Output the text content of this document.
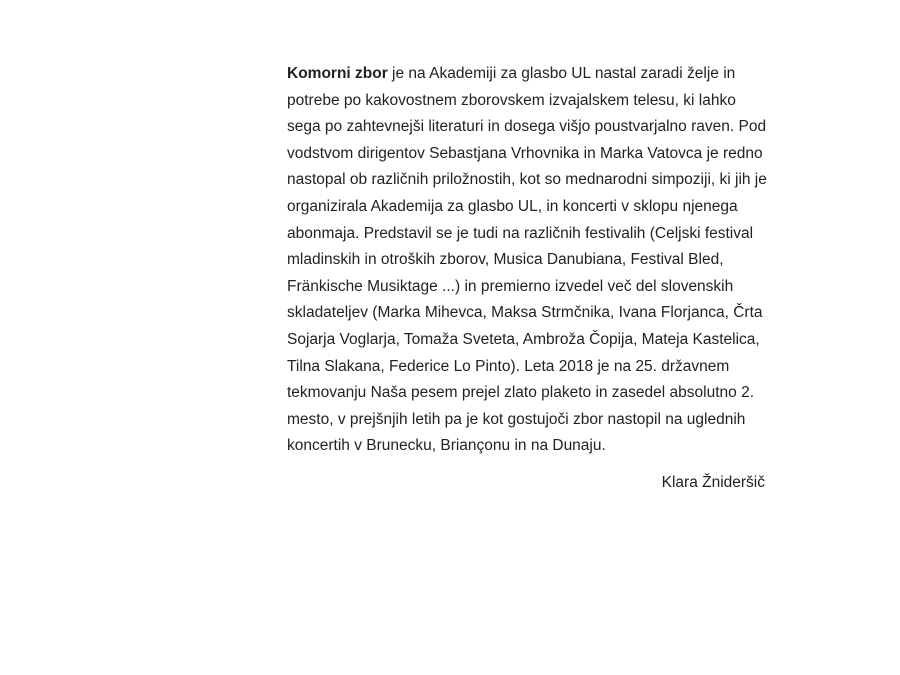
Komorni zbor je na Akademiji za glasbo UL nastal zaradi želje in potrebe po kakovostnem zborovskem izvajalskem telesu, ki lahko sega po zahtevnejši literaturi in dosega višjo poustvarjalno raven. Pod vodstvom dirigentov Sebastjana Vrhovnika in Marka Vatovca je redno nastopal ob različnih priložnostih, kot so mednarodni simpoziji, ki jih je organizirala Akademija za glasbo UL, in koncerti v sklopu njenega abonmaja. Predstavil se je tudi na različnih festivalih (Celjski festival mladinskih in otroških zborov, Musica Danubiana, Festival Bled, Fränkische Musiktage ...) in premierno izvedel več del slovenskih skladateljev (Marka Mihevca, Maksa Strmčnika, Ivana Florjanca, Črta Sojarja Voglarja, Tomaža Sveteta, Ambroža Čopija, Mateja Kastelica, Tilna Slakana, Federice Lo Pinto). Leta 2018 je na 25. državnem tekmovanju Naša pesem prejel zlato plaketo in zasedel absolutno 2. mesto, v prejšnjih letih pa je kot gostujoči zbor nastopil na uglednih koncertih v Brunecku, Briançonu in na Dunaju.

Klara Žnideršič
